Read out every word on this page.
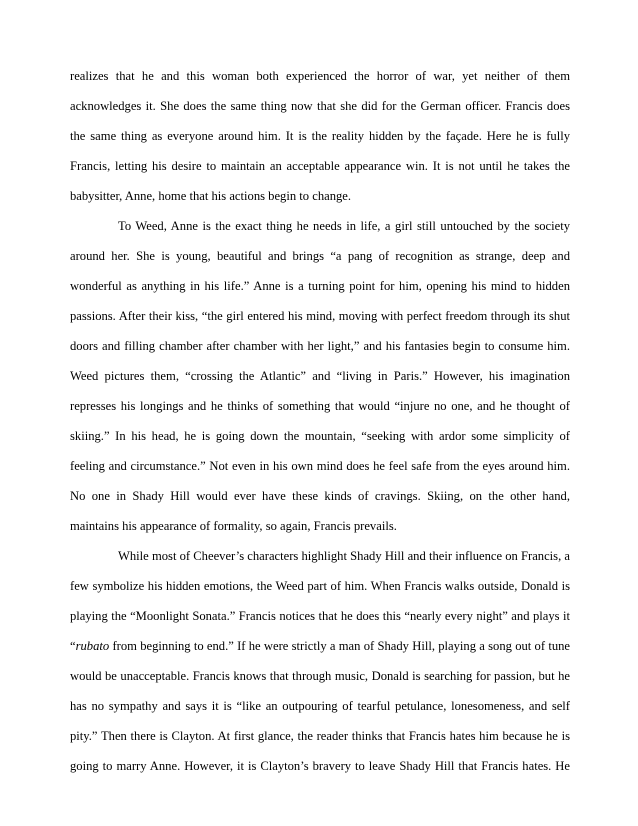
realizes that he and this woman both experienced the horror of war, yet neither of them

acknowledges it. She does the same thing now that she did for the German officer. Francis does

the same thing as everyone around him. It is the reality hidden by the façade. Here he is fully

Francis, letting his desire to maintain an acceptable appearance win. It is not until he takes the

babysitter, Anne, home that his actions begin to change.

To Weed, Anne is the exact thing he needs in life, a girl still untouched by the society

around her. She is young, beautiful and brings “a pang of recognition as strange, deep and

wonderful as anything in his life.” Anne is a turning point for him, opening his mind to hidden

passions. After their kiss, “the girl entered his mind, moving with perfect freedom through its shut

doors and filling chamber after chamber with her light,” and his fantasies begin to consume him.

Weed pictures them, “crossing the Atlantic” and “living in Paris.” However, his imagination

represses his longings and he thinks of something that would “injure no one, and he thought of

skiing.” In his head, he is going down the mountain, “seeking with ardor some simplicity of

feeling and circumstance.” Not even in his own mind does he feel safe from the eyes around him.

No one in Shady Hill would ever have these kinds of cravings. Skiing, on the other hand,

maintains his appearance of formality, so again, Francis prevails.

While most of Cheever’s characters highlight Shady Hill and their influence on Francis, a

few symbolize his hidden emotions, the Weed part of him. When Francis walks outside, Donald is

playing the “Moonlight Sonata.” Francis notices that he does this “nearly every night” and plays it

“rubato from beginning to end.” If he were strictly a man of Shady Hill, playing a song out of tune

would be unacceptable. Francis knows that through music, Donald is searching for passion, but he

has no sympathy and says it is “like an outpouring of tearful petulance, lonesomeness, and self

pity.” Then there is Clayton. At first glance, the reader thinks that Francis hates him because he is

going to marry Anne. However, it is Clayton’s bravery to leave Shady Hill that Francis hates. He
